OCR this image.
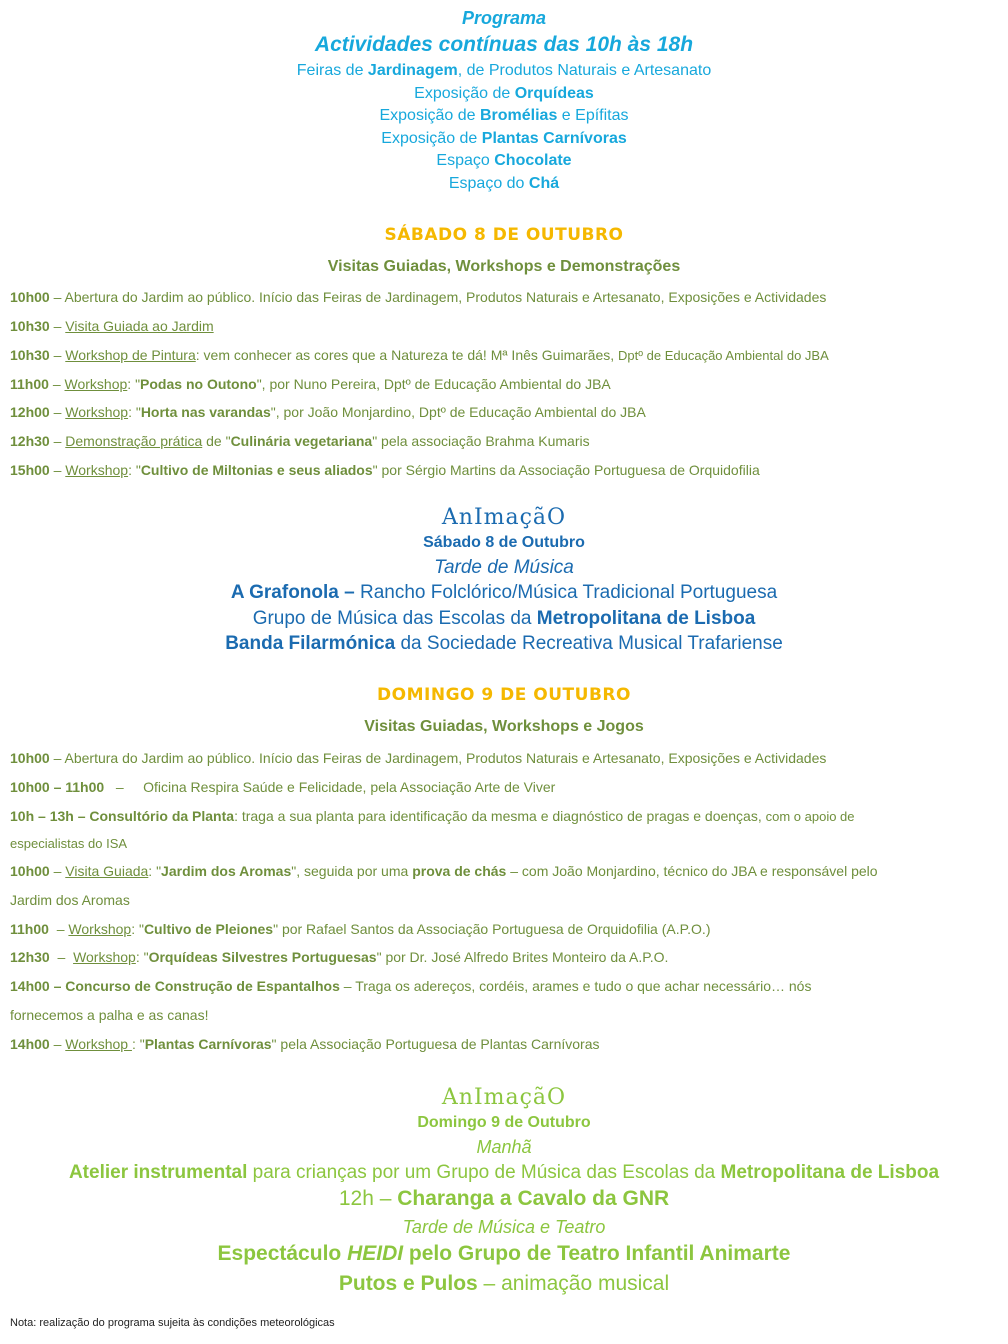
Programa
Actividades contínuas das 10h às 18h
Feiras de Jardinagem, de Produtos Naturais e Artesanato
Exposição de Orquídeas
Exposição de Bromélias e Epífitas
Exposição de Plantas Carnívoras
Espaço Chocolate
Espaço do Chá
SÁBADO 8 DE OUTUBRO
Visitas Guiadas, Workshops e Demonstrações
10h00 – Abertura do Jardim ao público. Início das Feiras de Jardinagem, Produtos Naturais e Artesanato, Exposições e Actividades
10h30 – Visita Guiada ao Jardim
10h30 – Workshop de Pintura: vem conhecer as cores que a Natureza te dá! Mª Inês Guimarães, Dptº de Educação Ambiental do JBA
11h00 – Workshop: "Podas no Outono", por Nuno Pereira, Dptº de Educação Ambiental do JBA
12h00 – Workshop: "Horta nas varandas", por João Monjardino, Dptº de Educação Ambiental do JBA
12h30 – Demonstração prática de "Culinária vegetariana" pela associação Brahma Kumaris
15h00 – Workshop: "Cultivo de Miltonias e seus aliados" por Sérgio Martins da Associação Portuguesa de Orquidofilia
AnImaçãO
Sábado 8 de Outubro
Tarde de Música
A Grafonola – Rancho Folclórico/Música Tradicional Portuguesa
Grupo de Música das Escolas da Metropolitana de Lisboa
Banda Filarmónica da Sociedade Recreativa Musical Trafariense
DOMINGO 9 DE OUTUBRO
Visitas Guiadas, Workshops e Jogos
10h00 – Abertura do Jardim ao público. Início das Feiras de Jardinagem, Produtos Naturais e Artesanato, Exposições e Actividades
10h00 – 11h00   –     Oficina Respira Saúde e Felicidade, pela Associação Arte de Viver
10h – 13h – Consultório da Planta: traga a sua planta para identificação da mesma e diagnóstico de pragas e doenças, com o apoio de
especialistas do ISA
10h00 – Visita Guiada: "Jardim dos Aromas", seguida por uma prova de chás – com João Monjardino, técnico do JBA e responsável pelo
Jardim dos Aromas
11h00  – Workshop: "Cultivo de Pleiones" por Rafael Santos da Associação Portuguesa de Orquidofilia (A.P.O.)
12h30  –  Workshop: "Orquídeas Silvestres Portuguesas" por Dr. José Alfredo Brites Monteiro da A.P.O.
14h00 – Concurso de Construção de Espantalhos – Traga os adereços, cordéis, arames e tudo o que achar necessário… nós
fornecemos a palha e as canas!
14h00 – Workshop : "Plantas Carnívoras" pela Associação Portuguesa de Plantas Carnívoras
AnImaçãO
Domingo 9 de Outubro
Manhã
Atelier instrumental para crianças por um Grupo de Música das Escolas da Metropolitana de Lisboa
12h – Charanga a Cavalo da GNR
Tarde de Música e Teatro
Espectáculo HEIDI pelo Grupo de Teatro Infantil Animarte
Putos e Pulos – animação musical
Nota: realização do programa sujeita às condições meteorológicas
